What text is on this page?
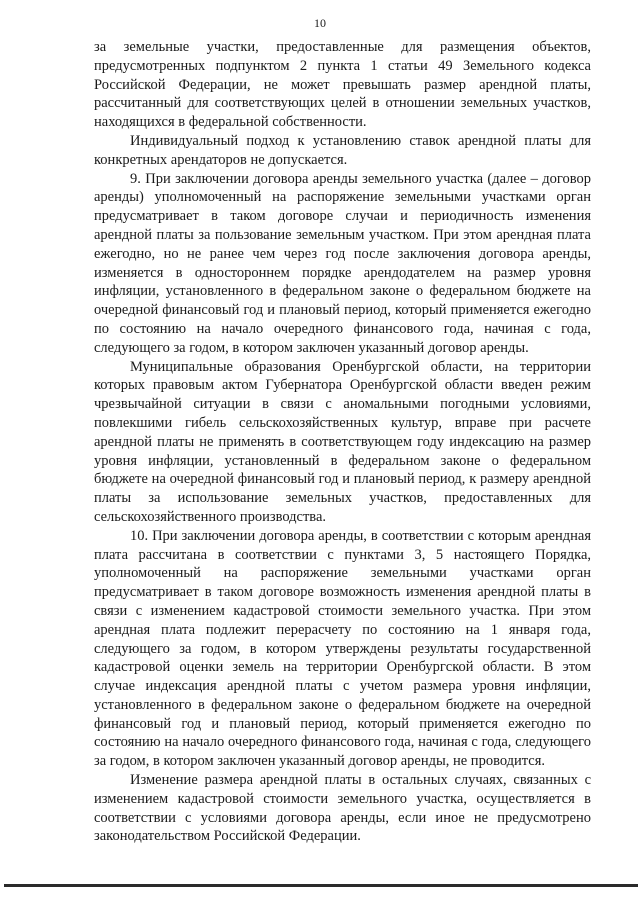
10

за земельные участки, предоставленные для размещения объектов, предусмотренных подпунктом 2 пункта 1 статьи 49 Земельного кодекса Российской Федерации, не может превышать размер арендной платы, рассчитанный для соответствующих целей в отношении земельных участков, находящихся в федеральной собственности.

Индивидуальный подход к установлению ставок арендной платы для конкретных арендаторов не допускается.

9. При заключении договора аренды земельного участка (далее – договор аренды) уполномоченный на распоряжение земельными участками орган предусматривает в таком договоре случаи и периодичность изменения арендной платы за пользование земельным участком. При этом арендная плата ежегодно, но не ранее чем через год после заключения договора аренды, изменяется в одностороннем порядке арендодателем на размер уровня инфляции, установленного в федеральном законе о федеральном бюджете на очередной финансовый год и плановый период, который применяется ежегодно по состоянию на начало очередного финансового года, начиная с года, следующего за годом, в котором заключен указанный договор аренды.

Муниципальные образования Оренбургской области, на территории которых правовым актом Губернатора Оренбургской области введен режим чрезвычайной ситуации в связи с аномальными погодными условиями, повлекшими гибель сельскохозяйственных культур, вправе при расчете арендной платы не применять в соответствующем году индексацию на размер уровня инфляции, установленный в федеральном законе о федеральном бюджете на очередной финансовый год и плановый период, к размеру арендной платы за использование земельных участков, предоставленных для сельскохозяйственного производства.

10. При заключении договора аренды, в соответствии с которым арендная плата рассчитана в соответствии с пунктами 3, 5 настоящего Порядка, уполномоченный на распоряжение земельными участками орган предусматривает в таком договоре возможность изменения арендной платы в связи с изменением кадастровой стоимости земельного участка. При этом арендная плата подлежит перерасчету по состоянию на 1 января года, следующего за годом, в котором утверждены результаты государственной кадастровой оценки земель на территории Оренбургской области. В этом случае индексация арендной платы с учетом размера уровня инфляции, установленного в федеральном законе о федеральном бюджете на очередной финансовый год и плановый период, который применяется ежегодно по состоянию на начало очередного финансового года, начиная с года, следующего за годом, в котором заключен указанный договор аренды, не проводится.

Изменение размера арендной платы в остальных случаях, связанных с изменением кадастровой стоимости земельного участка, осуществляется в соответствии с условиями договора аренды, если иное не предусмотрено законодательством Российской Федерации.
